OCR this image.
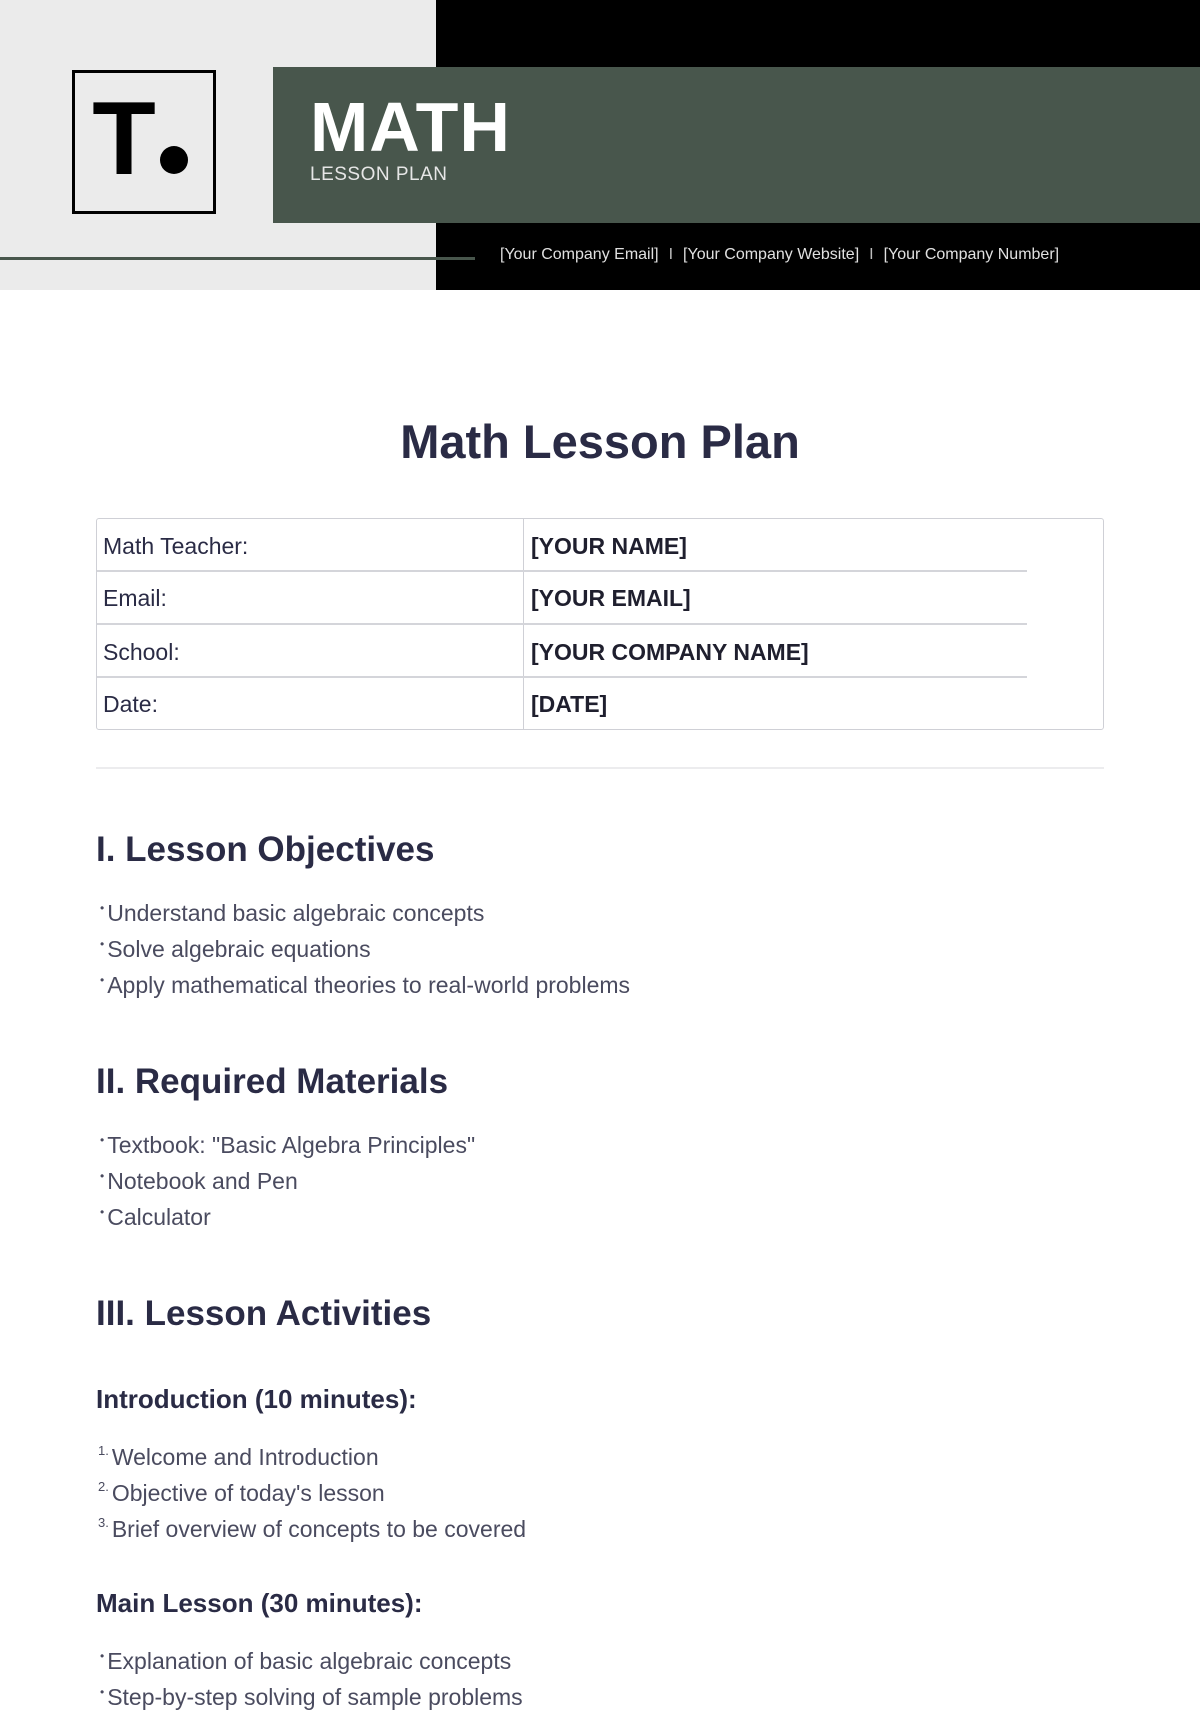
T MATH
LESSON PLAN
[Your Company Email] I [Your Company Website] I [Your Company Number]
Math Lesson Plan
Math Teacher:	[YOUR NAME]
Email:	[YOUR EMAIL]
School:	[YOUR COMPANY NAME]
Date:	[DATE]
I. Lesson Objectives
• Understand basic algebraic concepts
• Solve algebraic equations
• Apply mathematical theories to real-world problems
II. Required Materials
• Textbook: "Basic Algebra Principles"
• Notebook and Pen
• Calculator
III. Lesson Activities
Introduction (10 minutes):
1. Welcome and Introduction
2. Objective of today's lesson
3. Brief overview of concepts to be covered
Main Lesson (30 minutes):
• Explanation of basic algebraic concepts
• Step-by-step solving of sample problems
